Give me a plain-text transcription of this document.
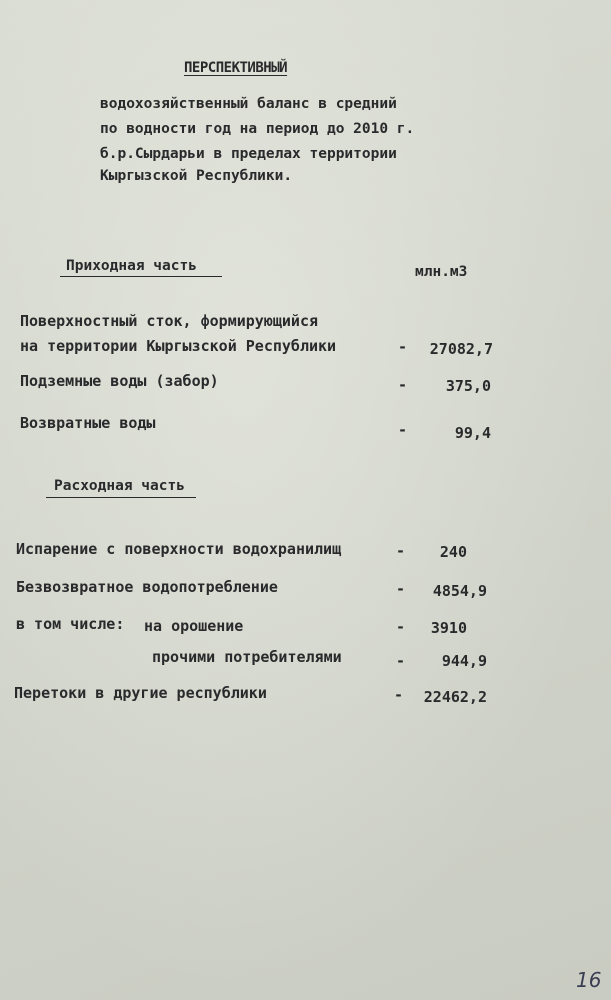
ПЕРСПЕКТИВНЫЙ
водохозяйственный баланс в средний
по водности год на период до 2010 г.
б.р.Сырдарьи в пределах территории
Кыргызской Республики.
Приходная часть	млн.м3
Поверхностный сток, формирующийся
на территории Кыргызской Республики	- 27082,7
Подземные воды (забор)	-	375,0
Возвратные воды	-	99,4
Расходная часть
Испарение с поверхности водохранилищ	- 240
Безвозвратное водопотребление	- 4854,9
в том числе: на орошение	- 3910
прочими потребителями	- 944,9
Перетоки в другие республики	- 22462,2
16
